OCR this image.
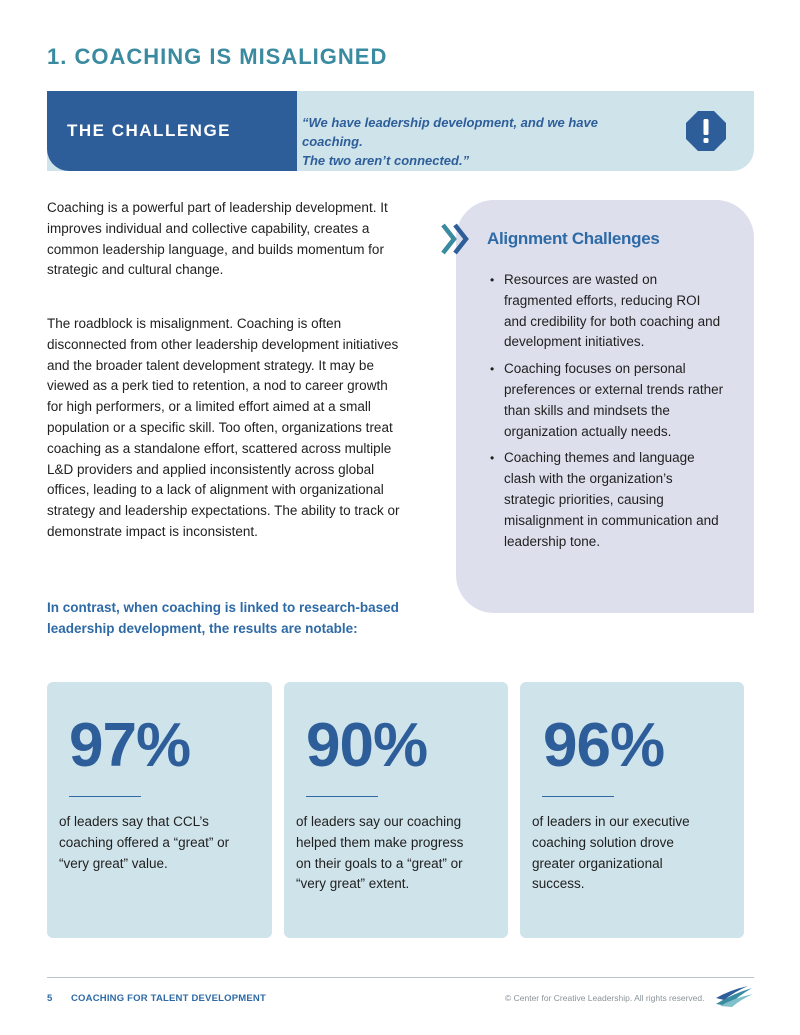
1. COACHING IS MISALIGNED
THE CHALLENGE	“We have leadership development, and we have coaching.
The two aren’t connected.”

Coaching is a powerful part of leadership development. It improves individual and collective capability, creates a common leadership language, and builds momentum for strategic and cultural change.

The roadblock is misalignment. Coaching is often disconnected from other leadership development initiatives and the broader talent development strategy. It may be viewed as a perk tied to retention, a nod to career growth for high performers, or a limited effort aimed at a small population or a specific skill. Too often, organizations treat coaching as a standalone effort, scattered across multiple L&D providers and applied inconsistently across global offices, leading to a lack of alignment with organizational strategy and leadership expectations. The ability to track or demonstrate impact is inconsistent.

In contrast, when coaching is linked to research-based leadership development, the results are notable:

Alignment Challenges
• Resources are wasted on fragmented efforts, reducing ROI and credibility for both coaching and development initiatives.
• Coaching focuses on personal preferences or external trends rather than skills and mindsets the organization actually needs.
• Coaching themes and language clash with the organization’s strategic priorities, causing misalignment in communication and leadership tone.
97%
of leaders say that CCL’s coaching offered a “great” or “very great” value.
90%
of leaders say our coaching helped them make progress on their goals to a “great” or “very great” extent.
96%
of leaders in our executive coaching solution drove greater organizational success.
5 COACHING FOR TALENT DEVELOPMENT	© Center for Creative Leadership. All rights reserved.
